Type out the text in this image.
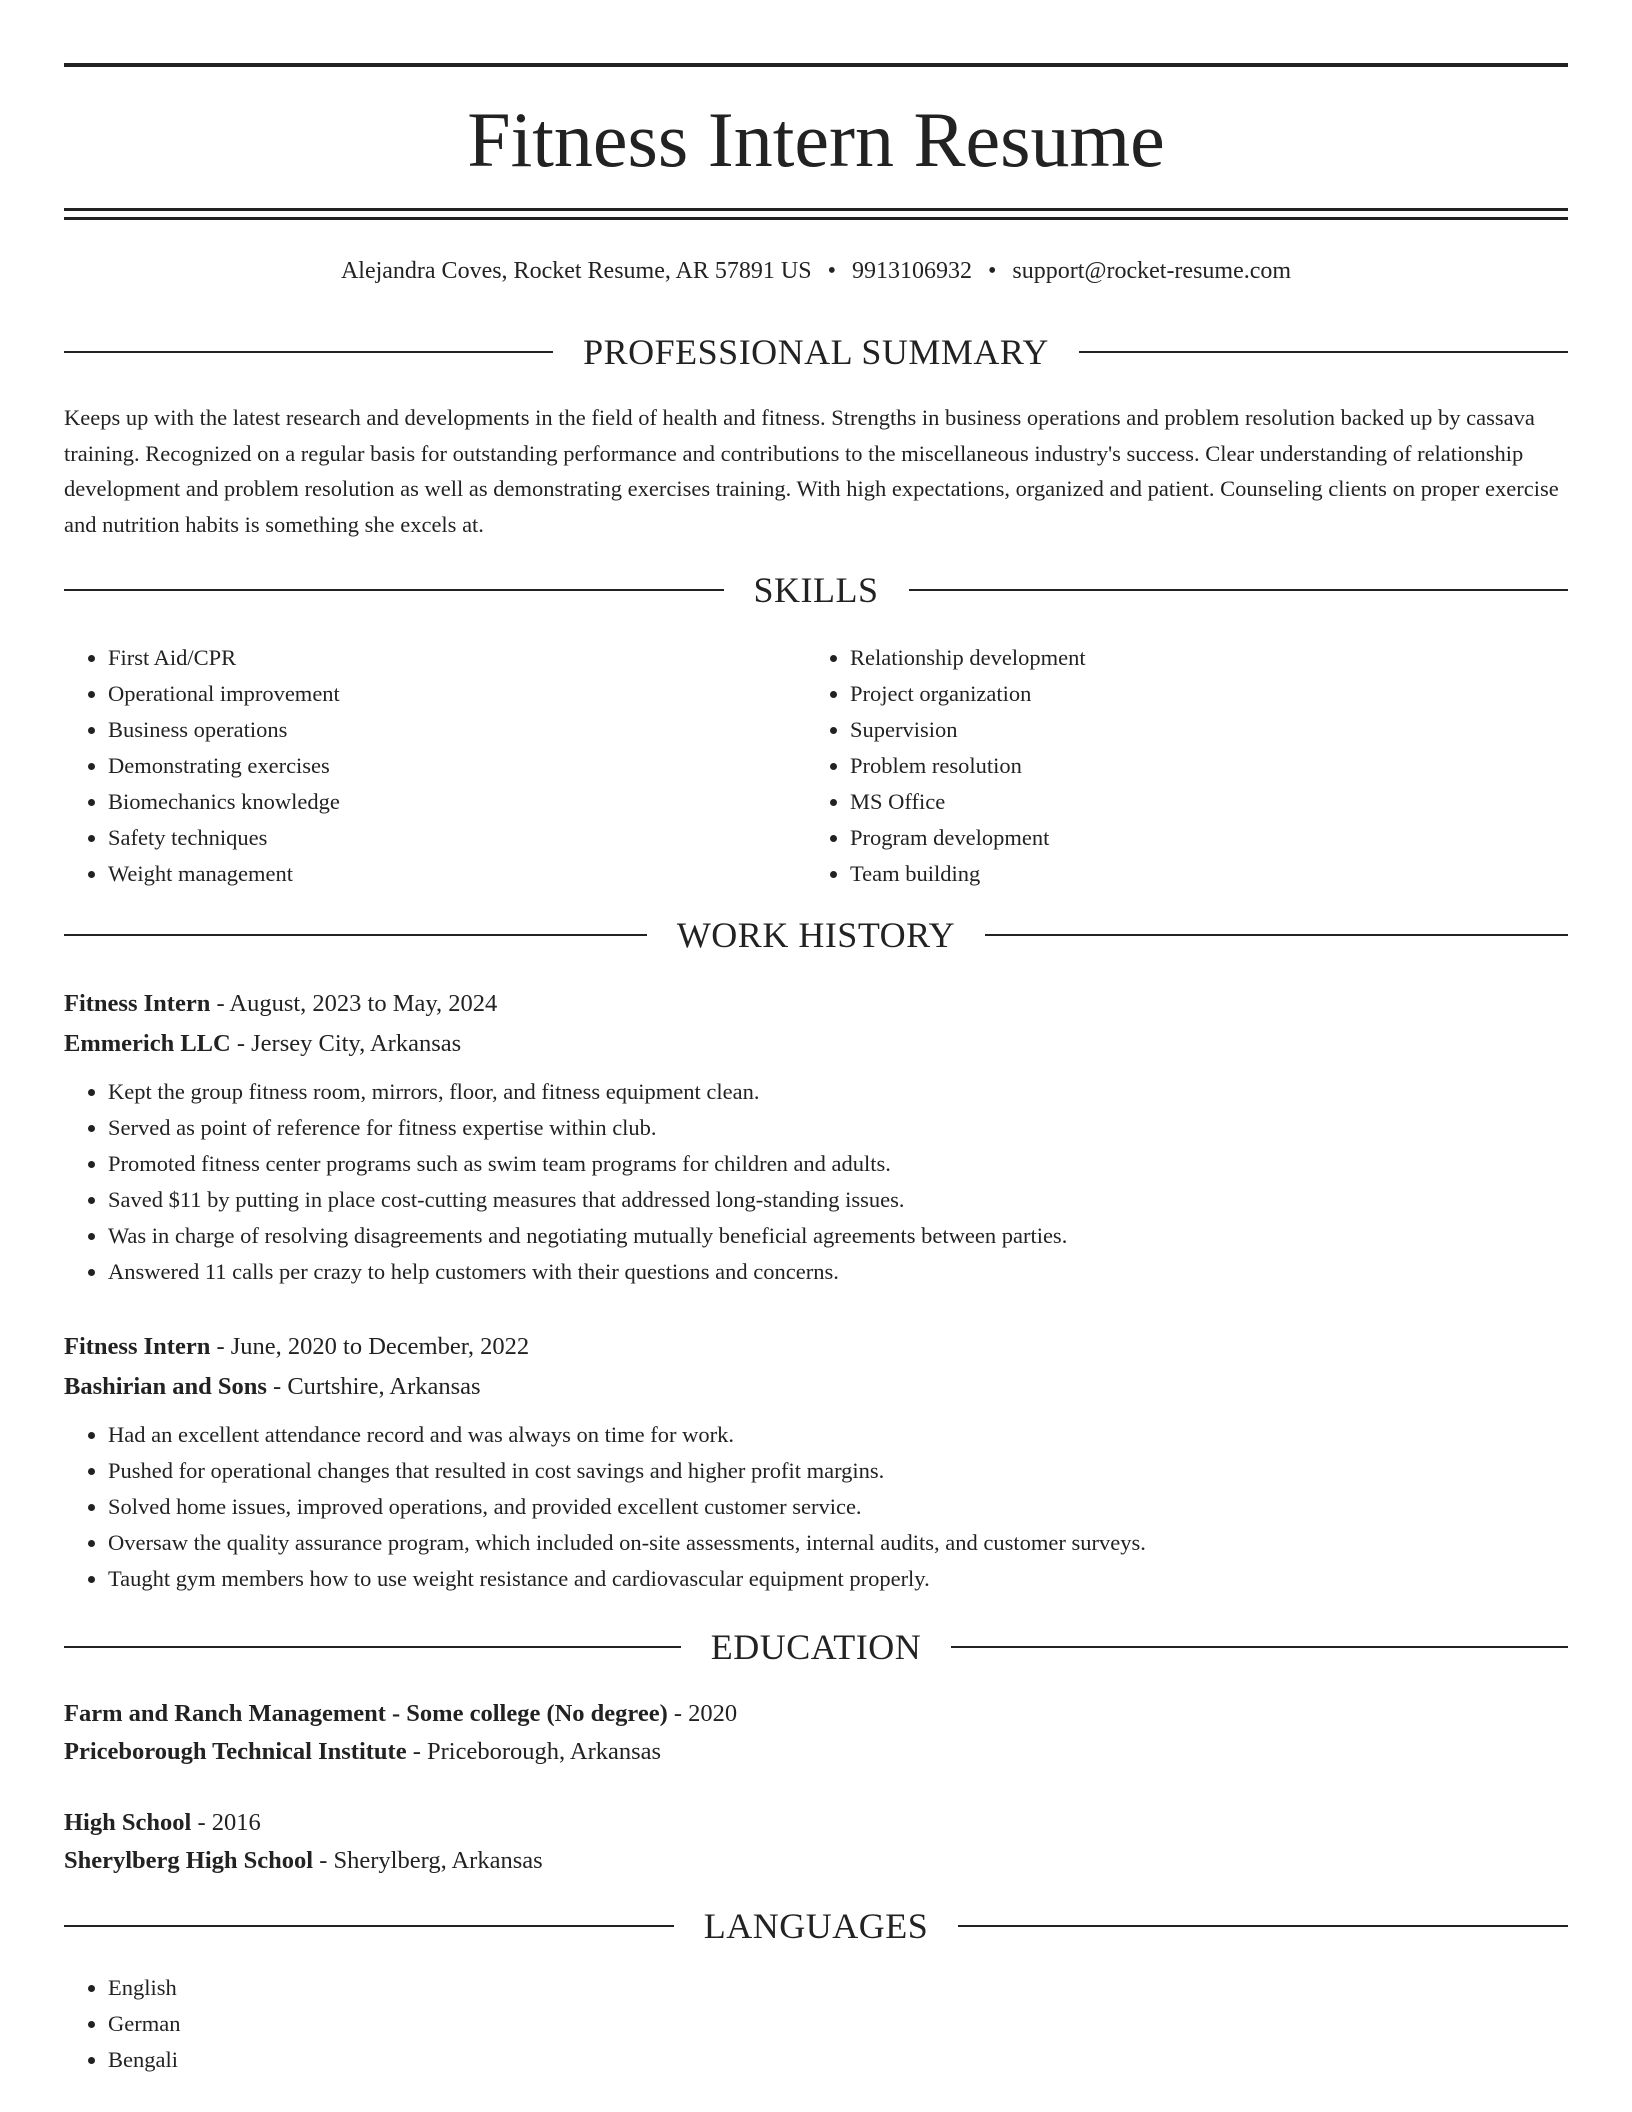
Fitness Intern Resume
Alejandra Coves, Rocket Resume, AR 57891 US • 9913106932 • support@rocket-resume.com
PROFESSIONAL SUMMARY
Keeps up with the latest research and developments in the field of health and fitness. Strengths in business operations and problem resolution backed up by cassava training. Recognized on a regular basis for outstanding performance and contributions to the miscellaneous industry's success. Clear understanding of relationship development and problem resolution as well as demonstrating exercises training. With high expectations, organized and patient. Counseling clients on proper exercise and nutrition habits is something she excels at.
SKILLS
• First Aid/CPR
• Operational improvement
• Business operations
• Demonstrating exercises
• Biomechanics knowledge
• Safety techniques
• Weight management
• Relationship development
• Project organization
• Supervision
• Problem resolution
• MS Office
• Program development
• Team building
WORK HISTORY
Fitness Intern - August, 2023 to May, 2024
Emmerich LLC - Jersey City, Arkansas
• Kept the group fitness room, mirrors, floor, and fitness equipment clean.
• Served as point of reference for fitness expertise within club.
• Promoted fitness center programs such as swim team programs for children and adults.
• Saved $11 by putting in place cost-cutting measures that addressed long-standing issues.
• Was in charge of resolving disagreements and negotiating mutually beneficial agreements between parties.
• Answered 11 calls per crazy to help customers with their questions and concerns.
Fitness Intern - June, 2020 to December, 2022
Bashirian and Sons - Curtshire, Arkansas
• Had an excellent attendance record and was always on time for work.
• Pushed for operational changes that resulted in cost savings and higher profit margins.
• Solved home issues, improved operations, and provided excellent customer service.
• Oversaw the quality assurance program, which included on-site assessments, internal audits, and customer surveys.
• Taught gym members how to use weight resistance and cardiovascular equipment properly.
EDUCATION
Farm and Ranch Management - Some college (No degree) - 2020
Priceborough Technical Institute - Priceborough, Arkansas
High School - 2016
Sherylberg High School - Sherylberg, Arkansas
LANGUAGES
• English
• German
• Bengali
